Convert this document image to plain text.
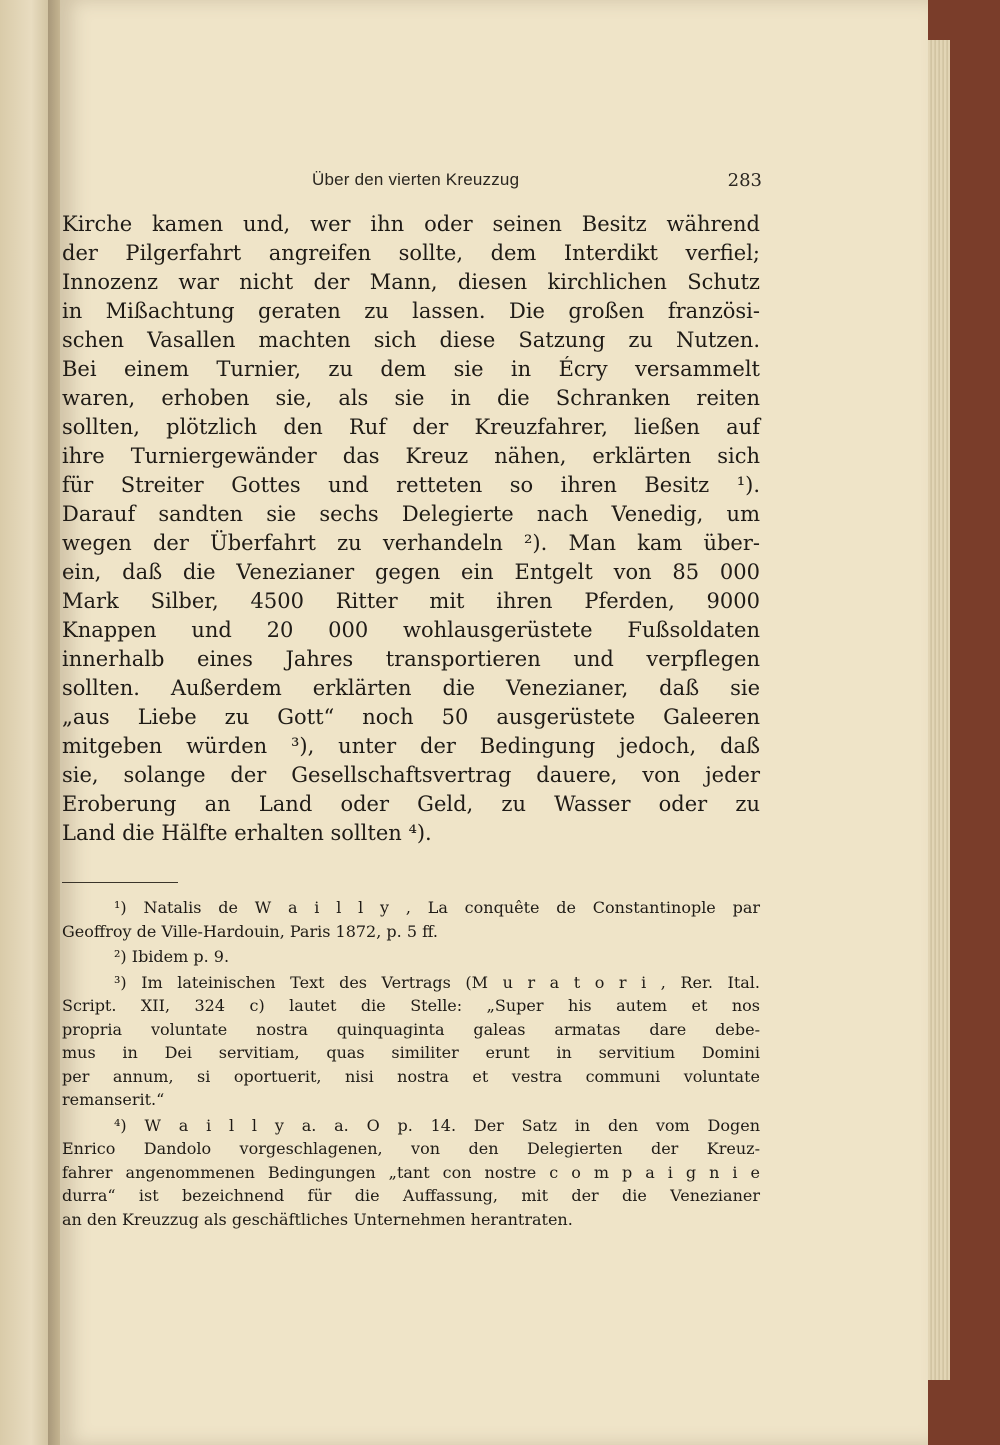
Über den vierten Kreuzzug	283
Kirche kamen und, wer ihn oder seinen Besitz während
der Pilgerfahrt angreifen sollte, dem Interdikt verfiel;
Innozenz war nicht der Mann, diesen kirchlichen Schutz
in Mißachtung geraten zu lassen. Die großen französi-
schen Vasallen machten sich diese Satzung zu Nutzen.
Bei einem Turnier, zu dem sie in Écry versammelt
waren, erhoben sie, als sie in die Schranken reiten
sollten, plötzlich den Ruf der Kreuzfahrer, ließen auf
ihre Turniergewänder das Kreuz nähen, erklärten sich
für Streiter Gottes und retteten so ihren Besitz ¹).
Darauf sandten sie sechs Delegierte nach Venedig, um
wegen der Überfahrt zu verhandeln ²). Man kam über-
ein, daß die Venezianer gegen ein Entgelt von 85 000
Mark Silber, 4500 Ritter mit ihren Pferden, 9000
Knappen und 20 000 wohlausgerüstete Fußsoldaten
innerhalb eines Jahres transportieren und verpflegen
sollten. Außerdem erklärten die Venezianer, daß sie
„aus Liebe zu Gott“ noch 50 ausgerüstete Galeeren
mitgeben würden ³), unter der Bedingung jedoch, daß
sie, solange der Gesellschaftsvertrag dauere, von jeder
Eroberung an Land oder Geld, zu Wasser oder zu
Land die Hälfte erhalten sollten ⁴).
¹) Natalis de W a i l l y , La conquête de Constantinople par
Geoffroy de Ville-Hardouin, Paris 1872, p. 5 ff.
²) Ibidem p. 9.
³) Im lateinischen Text des Vertrags (M u r a t o r i , Rer. Ital.
Script. XII, 324 c) lautet die Stelle: „Super his autem et nos
propria voluntate nostra quinquaginta galeas armatas dare debe-
mus in Dei servitiam, quas similiter erunt in servitium Domini
per annum, si oportuerit, nisi nostra et vestra communi voluntate
remanserit.“
⁴) W a i l l y a. a. O p. 14. Der Satz in den vom Dogen
Enrico Dandolo vorgeschlagenen, von den Delegierten der Kreuz-
fahrer angenommenen Bedingungen „tant con nostre c o m p a i g n i e
durra“ ist bezeichnend für die Auffassung, mit der die Venezianer
an den Kreuzzug als geschäftliches Unternehmen herantraten.
